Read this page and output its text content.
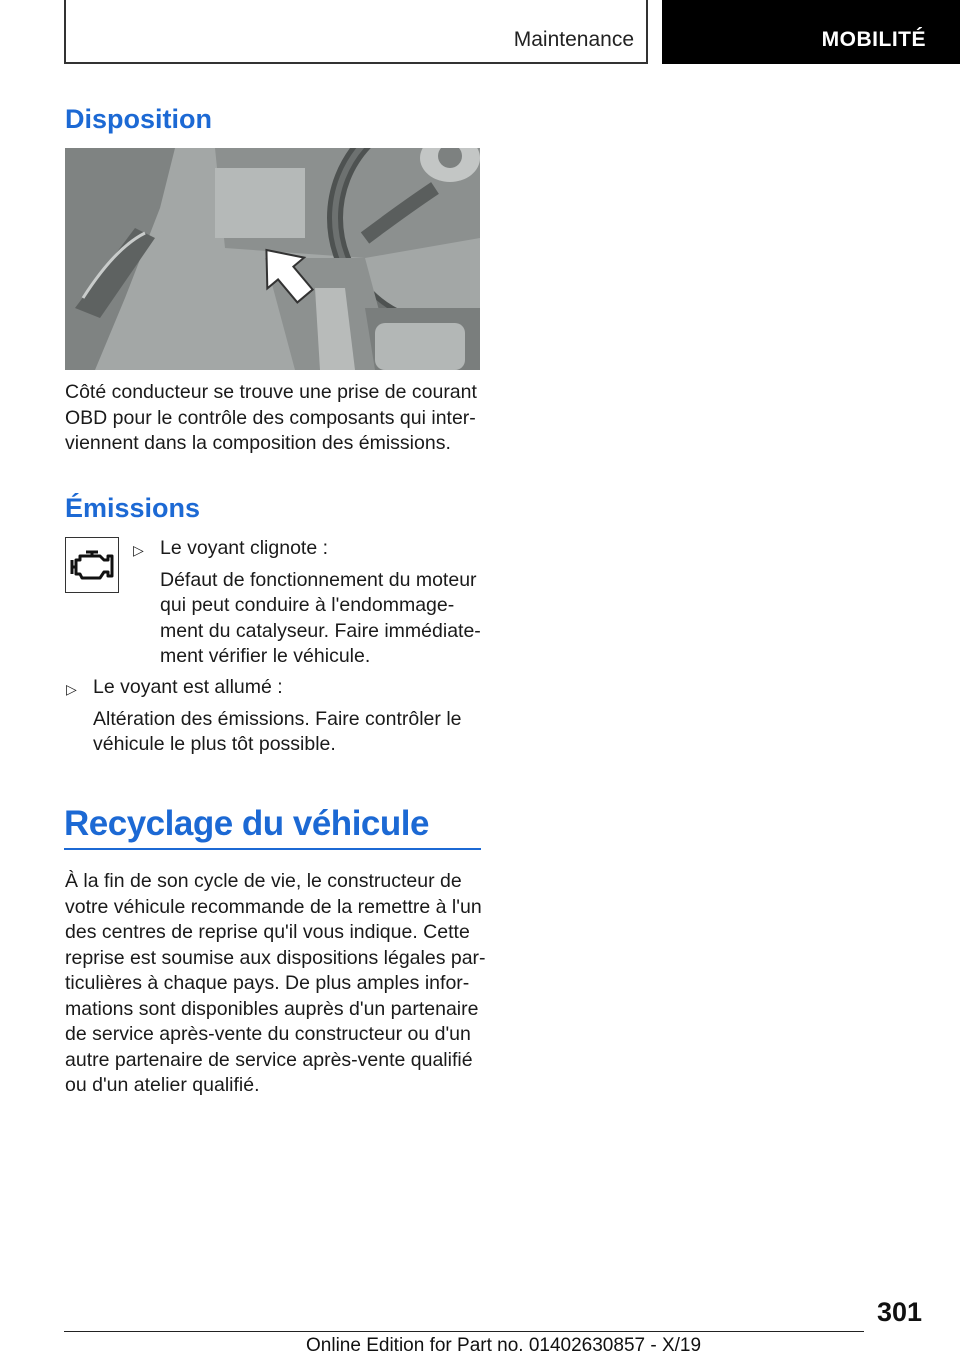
Maintenance	MOBILITÉ
Disposition

Côté conducteur se trouve une prise de courant
OBD pour le contrôle des composants qui inter‐
viennent dans la composition des émissions.

Émissions
▷ Le voyant clignote :
Défaut de fonctionnement du moteur
qui peut conduire à l'endommage‐
ment du catalyseur. Faire immédiate‐
ment vérifier le véhicule.

▷ Le voyant est allumé :
Altération des émissions. Faire contrôler le
véhicule le plus tôt possible.

Recyclage du véhicule

À la fin de son cycle de vie, le constructeur de
votre véhicule recommande de la remettre à l'un
des centres de reprise qu'il vous indique. Cette
reprise est soumise aux dispositions légales par‐
ticulières à chaque pays. De plus amples infor‐
mations sont disponibles auprès d'un partenaire
de service après-vente du constructeur ou d'un
autre partenaire de service après-vente qualifié
ou d'un atelier qualifié.

301
Online Edition for Part no. 01402630857 - X/19
